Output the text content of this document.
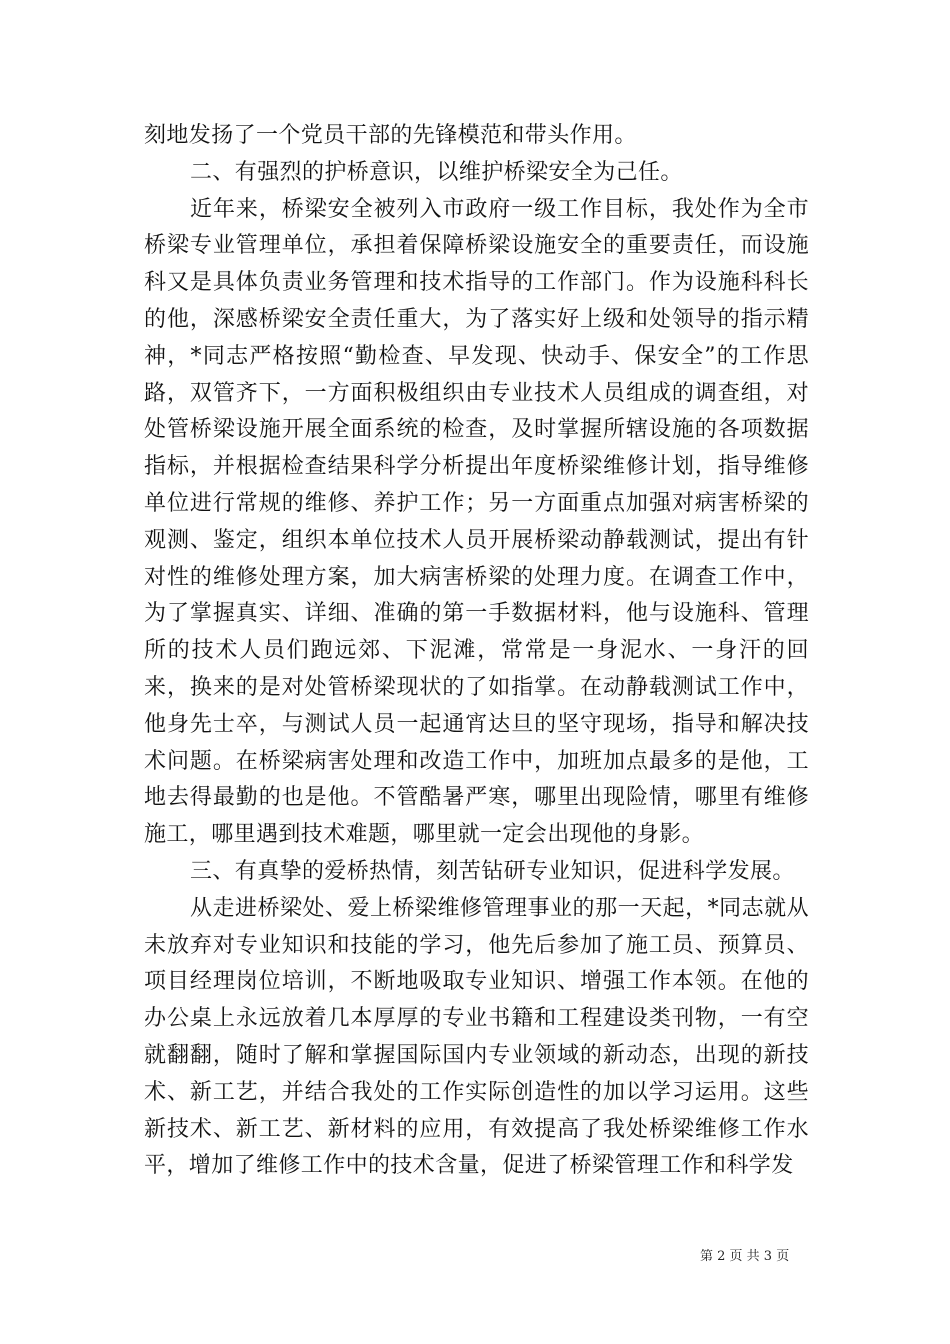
刻地发扬了一个党员干部的先锋模范和带头作用。

二、有强烈的护桥意识，以维护桥梁安全为己任。

近年来，桥梁安全被列入市政府一级工作目标，我处作为全市桥梁专业管理单位，承担着保障桥梁设施安全的重要责任，而设施科又是具体负责业务管理和技术指导的工作部门。作为设施科科长的他，深感桥梁安全责任重大，为了落实好上级和处领导的指示精神，*同志严格按照“勤检查、早发现、快动手、保安全”的工作思路，双管齐下，一方面积极组织由专业技术人员组成的调查组，对处管桥梁设施开展全面系统的检查，及时掌握所辖设施的各项数据指标，并根据检查结果科学分析提出年度桥梁维修计划，指导维修单位进行常规的维修、养护工作；另一方面重点加强对病害桥梁的观测、鉴定，组织本单位技术人员开展桥梁动静载测试，提出有针对性的维修处理方案，加大病害桥梁的处理力度。在调查工作中，为了掌握真实、详细、准确的第一手数据材料，他与设施科、管理所的技术人员们跑远郊、下泥滩，常常是一身泥水、一身汗的回来，换来的是对处管桥梁现状的了如指掌。在动静载测试工作中，他身先士卒，与测试人员一起通宵达旦的坚守现场，指导和解决技术问题。在桥梁病害处理和改造工作中，加班加点最多的是他，工地去得最勤的也是他。不管酷暑严寒，哪里出现险情，哪里有维修施工，哪里遇到技术难题，哪里就一定会出现他的身影。

三、有真挚的爱桥热情，刻苦钻研专业知识，促进科学发展。

从走进桥梁处、爱上桥梁维修管理事业的那一天起，*同志就从未放弃对专业知识和技能的学习，他先后参加了施工员、预算员、项目经理岗位培训，不断地吸取专业知识、增强工作本领。在他的办公桌上永远放着几本厚厚的专业书籍和工程建设类刊物，一有空就翻翻，随时了解和掌握国际国内专业领域的新动态，出现的新技术、新工艺，并结合我处的工作实际创造性的加以学习运用。这些新技术、新工艺、新材料的应用，有效提高了我处桥梁维修工作水平，增加了维修工作中的技术含量，促进了桥梁管理工作和科学发

第 2 页 共 3 页
